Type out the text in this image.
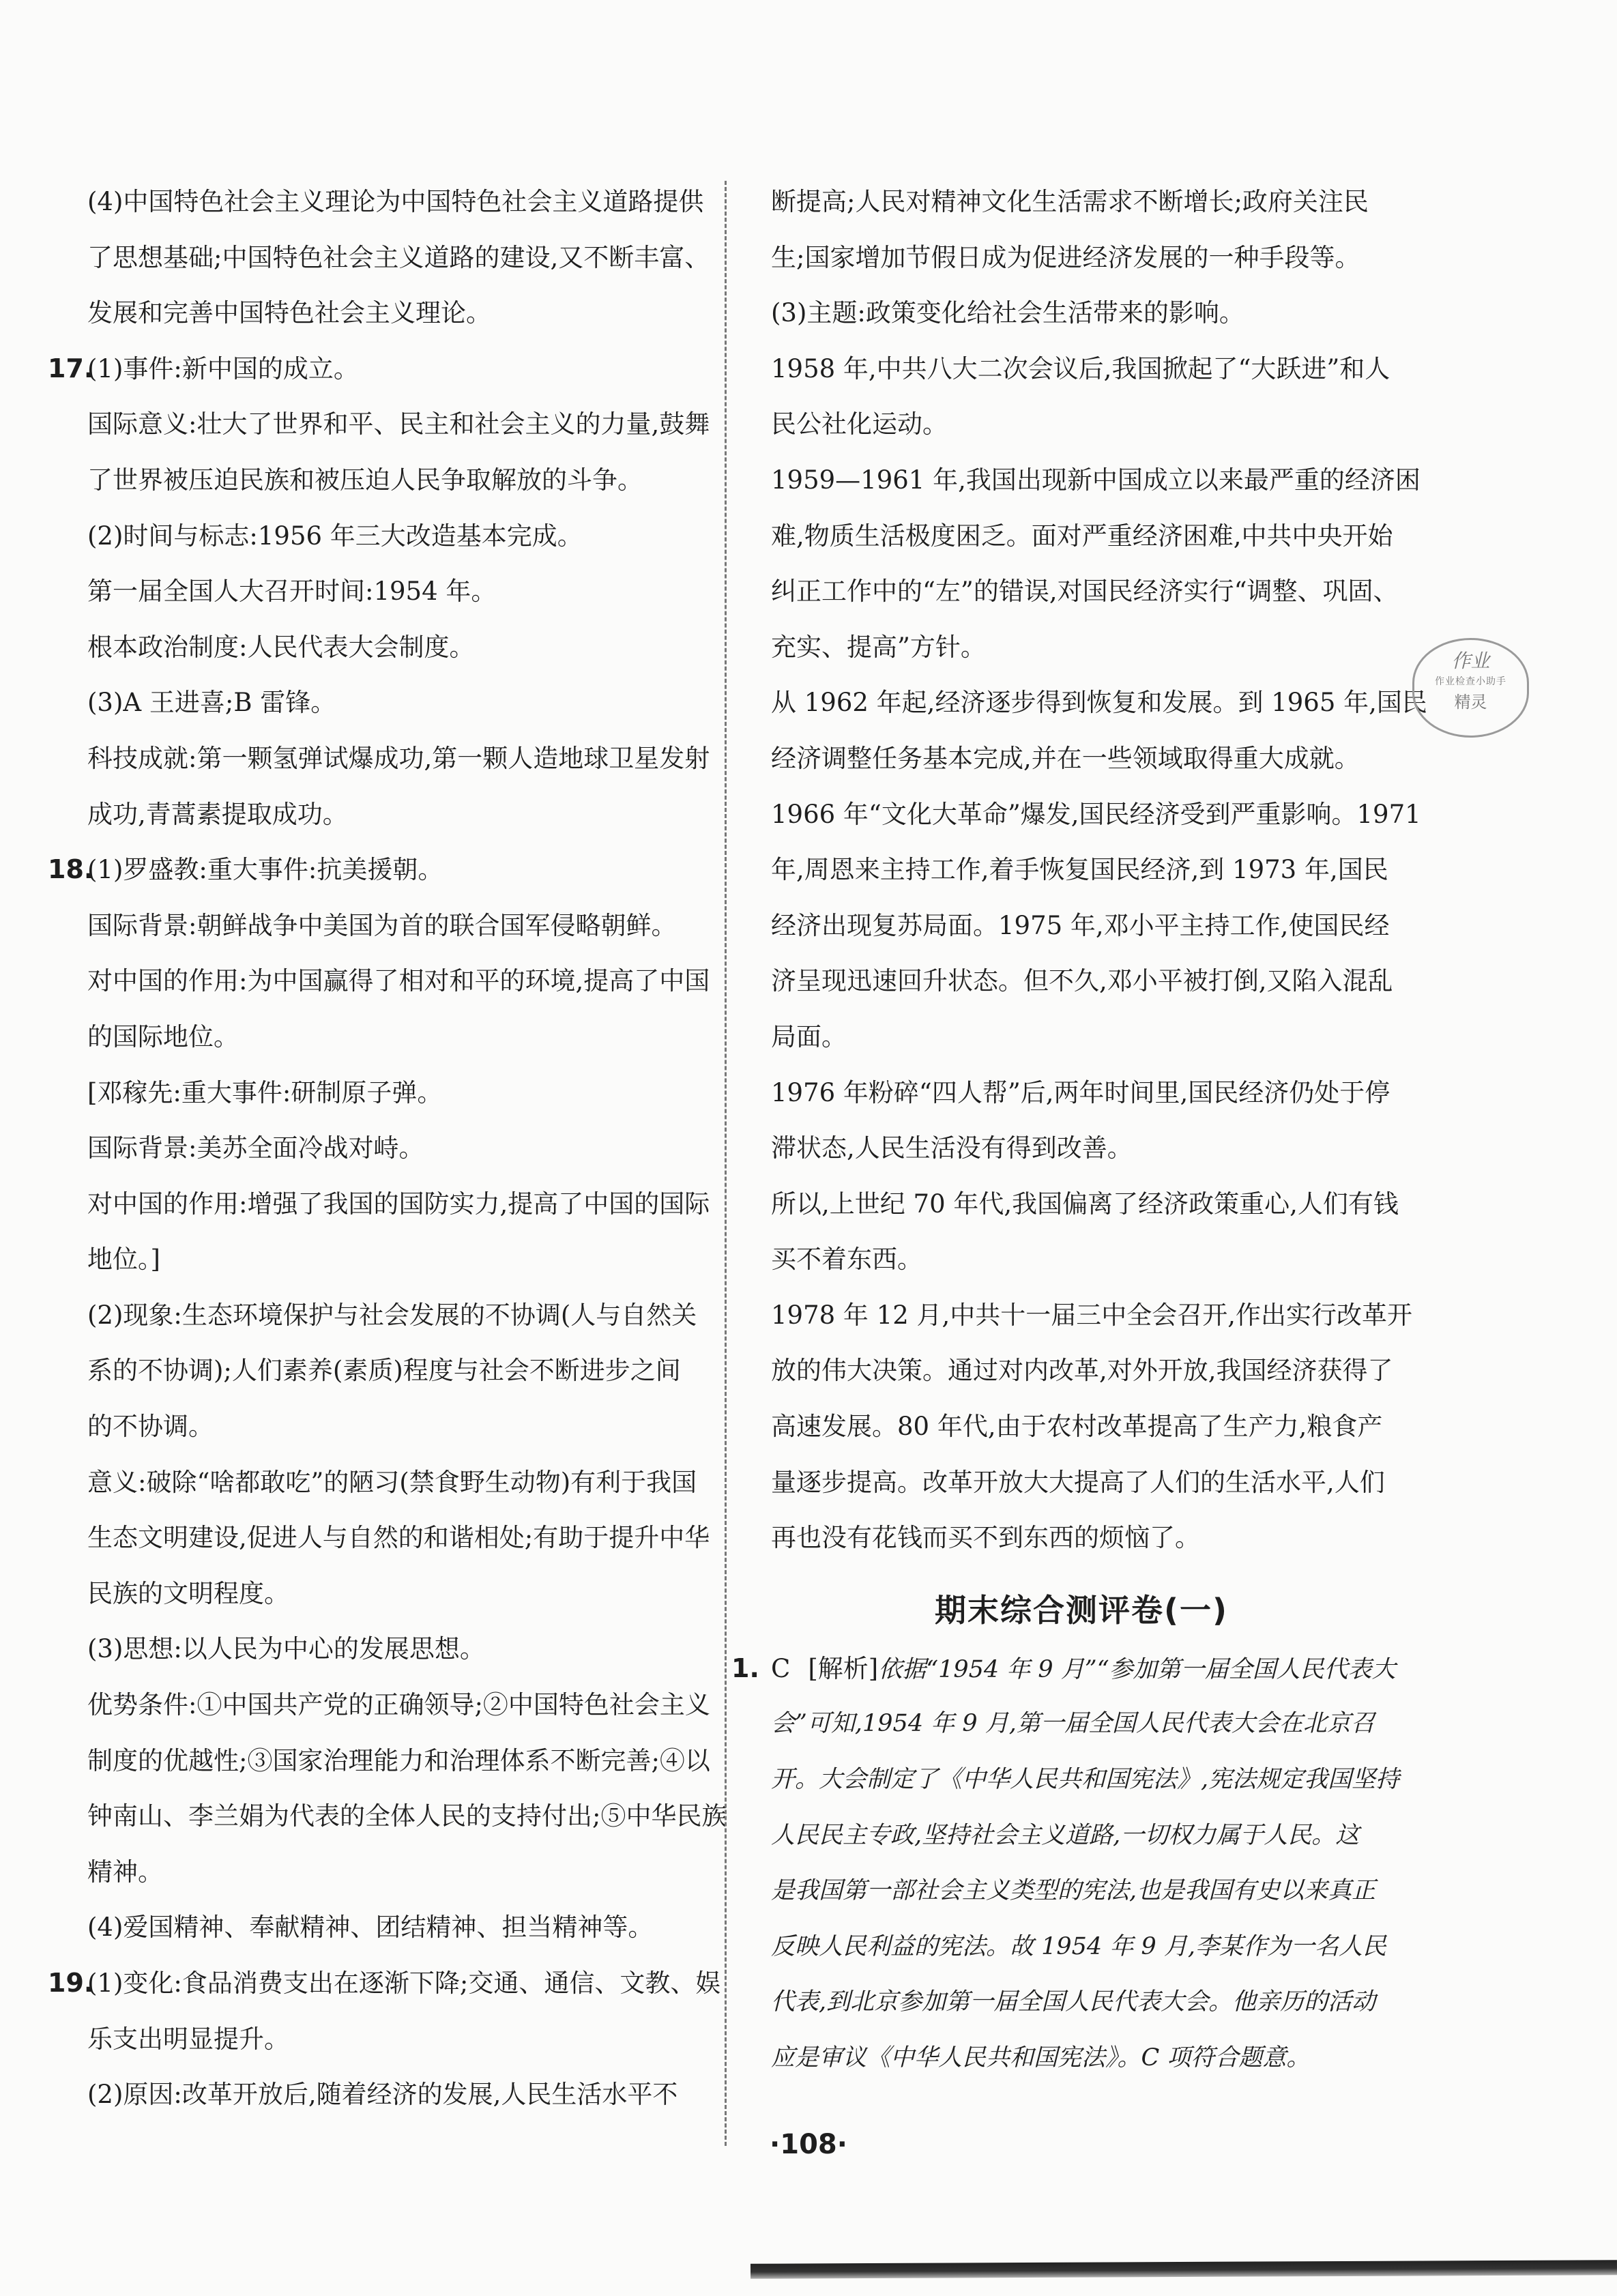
(4)中国特色社会主义理论为中国特色社会主义道路提供
了思想基础;中国特色社会主义道路的建设,又不断丰富、
发展和完善中国特色社会主义理论。
17.(1)事件:新中国的成立。
国际意义:壮大了世界和平、民主和社会主义的力量,鼓舞
了世界被压迫民族和被压迫人民争取解放的斗争。
(2)时间与标志:1956 年三大改造基本完成。
第一届全国人大召开时间:1954 年。
根本政治制度:人民代表大会制度。
(3)A 王进喜;B 雷锋。
科技成就:第一颗氢弹试爆成功,第一颗人造地球卫星发射
成功,青蒿素提取成功。
18.(1)罗盛教:重大事件:抗美援朝。
国际背景:朝鲜战争中美国为首的联合国军侵略朝鲜。
对中国的作用:为中国赢得了相对和平的环境,提高了中国
的国际地位。
[邓稼先:重大事件:研制原子弹。
国际背景:美苏全面冷战对峙。
对中国的作用:增强了我国的国防实力,提高了中国的国际
地位。]
(2)现象:生态环境保护与社会发展的不协调(人与自然关
系的不协调);人们素养(素质)程度与社会不断进步之间
的不协调。
意义:破除“啥都敢吃”的陋习(禁食野生动物)有利于我国
生态文明建设,促进人与自然的和谐相处;有助于提升中华
民族的文明程度。
(3)思想:以人民为中心的发展思想。
优势条件:①中国共产党的正确领导;②中国特色社会主义
制度的优越性;③国家治理能力和治理体系不断完善;④以
钟南山、李兰娟为代表的全体人民的支持付出;⑤中华民族
精神。
(4)爱国精神、奉献精神、团结精神、担当精神等。
19.(1)变化:食品消费支出在逐渐下降;交通、通信、文教、娱
乐支出明显提升。
(2)原因:改革开放后,随着经济的发展,人民生活水平不
断提高;人民对精神文化生活需求不断增长;政府关注民
生;国家增加节假日成为促进经济发展的一种手段等。
(3)主题:政策变化给社会生活带来的影响。
1958 年,中共八大二次会议后,我国掀起了“大跃进”和人
民公社化运动。
1959—1961 年,我国出现新中国成立以来最严重的经济困
难,物质生活极度困乏。面对严重经济困难,中共中央开始
纠正工作中的“左”的错误,对国民经济实行“调整、巩固、
充实、提高”方针。
从 1962 年起,经济逐步得到恢复和发展。到 1965 年,国民
经济调整任务基本完成,并在一些领域取得重大成就。
1966 年“文化大革命”爆发,国民经济受到严重影响。1971
年,周恩来主持工作,着手恢复国民经济,到 1973 年,国民
经济出现复苏局面。1975 年,邓小平主持工作,使国民经
济呈现迅速回升状态。但不久,邓小平被打倒,又陷入混乱
局面。
1976 年粉碎“四人帮”后,两年时间里,国民经济仍处于停
滞状态,人民生活没有得到改善。
所以,上世纪 70 年代,我国偏离了经济政策重心,人们有钱
买不着东西。
1978 年 12 月,中共十一届三中全会召开,作出实行改革开
放的伟大决策。通过对内改革,对外开放,我国经济获得了
高速发展。80 年代,由于农村改革提高了生产力,粮食产
量逐步提高。改革开放大大提高了人们的生活水平,人们
再也没有花钱而买不到东西的烦恼了。
期末综合测评卷(一)
1. C [解析]依据“1954 年 9 月”“参加第一届全国人民代表大
会”可知,1954 年 9 月,第一届全国人民代表大会在北京召
开。大会制定了《中华人民共和国宪法》,宪法规定我国坚持
人民民主专政,坚持社会主义道路,一切权力属于人民。这
是我国第一部社会主义类型的宪法,也是我国有史以来真正
反映人民利益的宪法。故 1954 年 9 月,李某作为一名人民
代表,到北京参加第一届全国人民代表大会。他亲历的活动
应是审议《中华人民共和国宪法》。C 项符合题意。
作业
作业检查小助手
精灵
·108·
